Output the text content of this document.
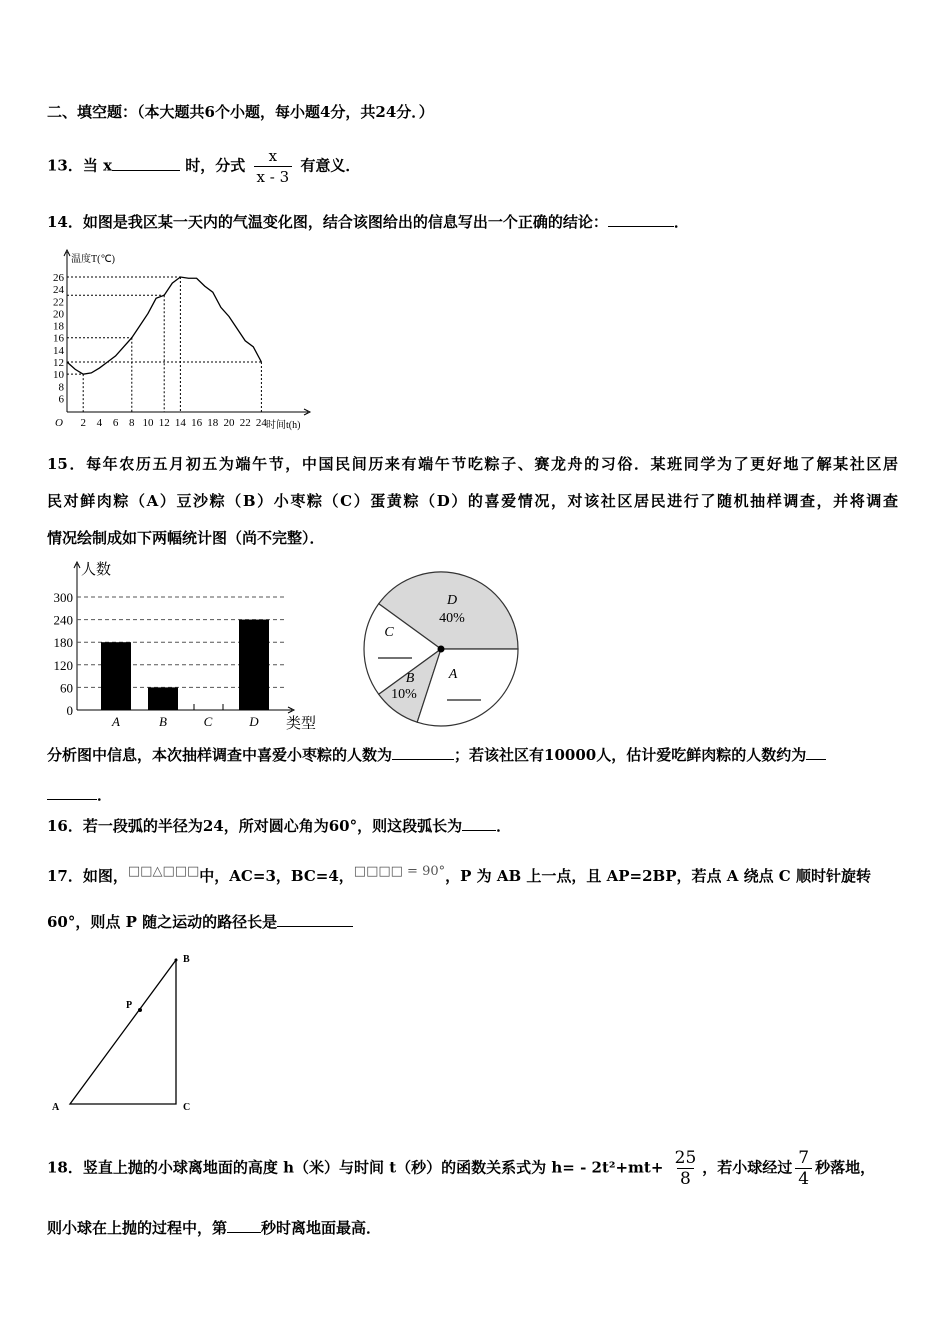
二、填空题：（本大题共6个小题，每小题4分，共24分．）
13．当 x	时，分式 $\frac{x}{x - 3}$ 有意义．
14．如图是我区某一天内的气温变化图，结合该图给出的信息写出一个正确的结论：	．
温度T(℃)
时间t(h)
O
6
8
10
12
14
16
18
20
22
24
26
2 4 6 8 10 12 14 16 18 20 22 24
15．每年农历五月初五为端午节，中国民间历来有端午节吃粽子、赛龙舟的习俗．某班同学为了更好地了解某社区居
民对鲜肉粽（A）豆沙粽（B）小枣粽（C）蛋黄粽（D）的喜爱情况，对该社区居民进行了随机抽样调查，并将调查
情况绘制成如下两幅统计图（尚不完整）．
人数
类型
0
60
120
180
240
300
A	B	C	D
D
40%
C
B
10%
A
分析图中信息，本次抽样调查中喜爱小枣粽的人数为	；若该社区有10000人，估计爱吃鲜肉粽的人数约为
．
16．若一段弧的半径为24，所对圆心角为60°，则这段弧长为 ．
17．如图，□□△□□□中，AC=3，BC=4，□□□□ = 90°，P 为 AB 上一点，且 AP=2BP，若点 A 绕点 C 顺时针旋转
60°，则点 P 随之运动的路径长是
A	C
B
P
18．竖直上抛的小球离地面的高度 h（米）与时间 t（秒）的函数关系式为 $h= - 2t^2+mt+ \frac{25}{8}$ ，若小球经过 $\frac{7}{4}$ 秒落地，
则小球在上抛的过程中，第 秒时离地面最高．
